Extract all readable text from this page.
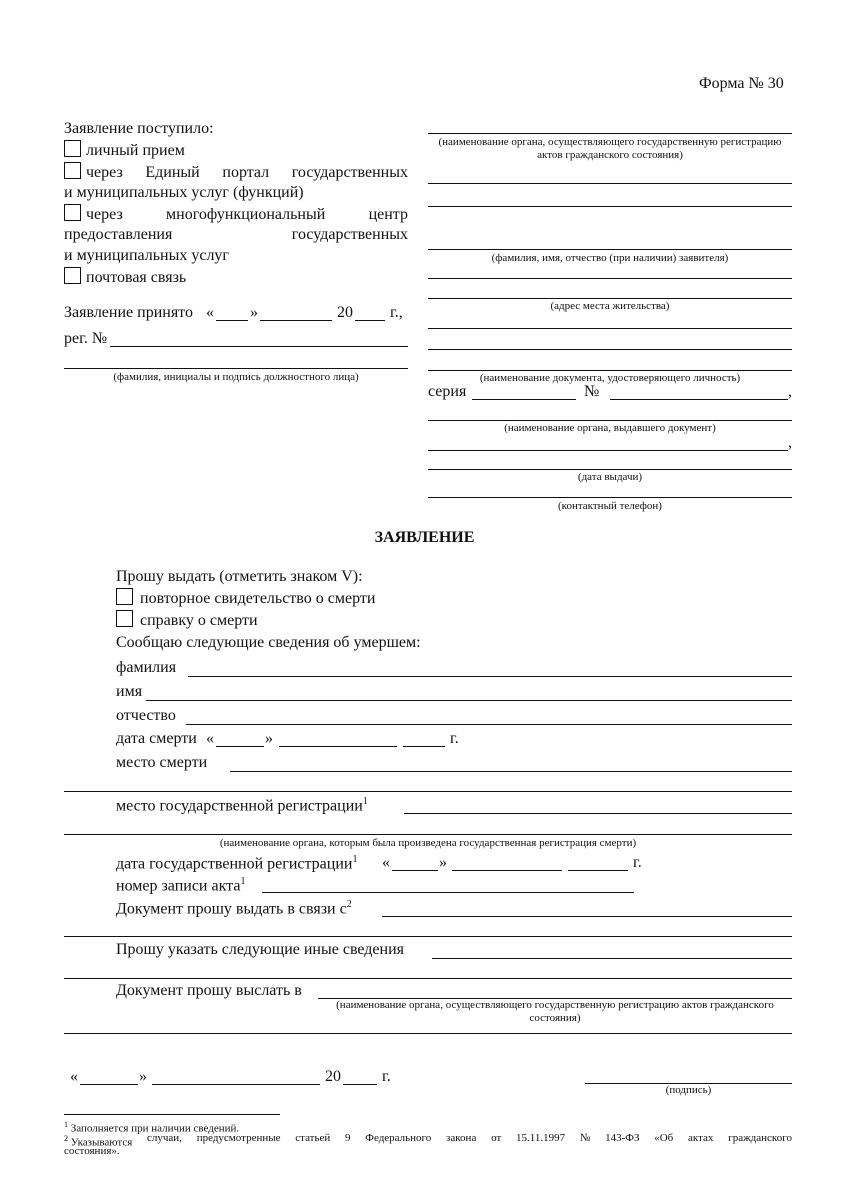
Форма № 30
Заявление поступило:
личный прием
через Единый портал государственных
и муниципальных услуг (функций)
через	многофункциональный	центр
предоставления	государственных
и муниципальных услуг
почтовая связь
Заявление принято « »	20 г.,
рег. №
(фамилия, инициалы и подпись должностного лица)
(наименование органа, осуществляющего государственную регистрацию актов гражданского состояния)
(фамилия, имя, отчество (при наличии) заявителя)
(адрес места жительства)
(наименование документа, удостоверяющего личность)
серия	№	,
(наименование органа, выдавшего документ)
,
(дата выдачи)
(контактный телефон)
ЗАЯВЛЕНИЕ
Прошу выдать (отметить знаком V):
повторное свидетельство о смерти
справку о смерти
Сообщаю следующие сведения об умершем:
фамилия
имя
отчество
дата смерти «	»	г.
место смерти
место государственной регистрации$^1$
(наименование органа, которым была произведена государственная регистрация смерти)
дата государственной регистрации$^1$ «	»	г.
номер записи акта$^1$
Документ прошу выдать в связи $с^2$
Прошу указать следующие иные сведения
Документ прошу выслать в
(наименование органа, осуществляющего государственную регистрацию актов гражданского состояния)
«	»	20	г.
(подпись)
$^1$ Заполняется при наличии сведений.
$^2$ Указываются случаи, предусмотренные статьей 9 Федерального закона от 15.11.1997 № 143-ФЗ «Об актах гражданского
состояния».
